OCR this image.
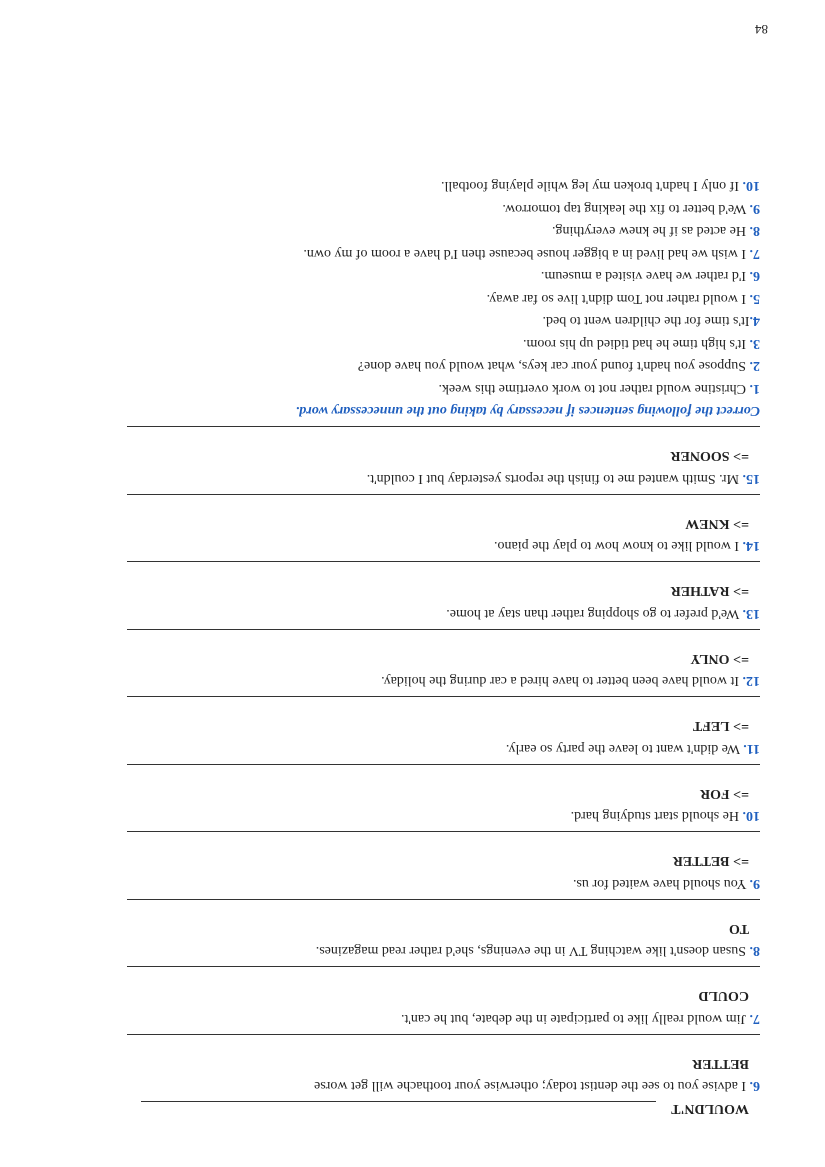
WOULDN'T
6. I advise you to see the dentist today; otherwise your toothache will get worse
BETTER
7. Jim would really like to participate in the debate, but he can't.
COULD
8. Susan doesn't like watching TV in the evenings, she'd rather read magazines.
TO
9. You should have waited for us.
=> BETTER
10. He should start studying hard.
=> FOR
11. We didn't want to leave the party so early.
=> LEFT
12. It would have been better to have hired a car during the holiday.
=> ONLY
13. We'd prefer to go shopping rather than stay at home.
=> RATHER
14. I would like to know how to play the piano.
=> KNEW
15. Mr. Smith wanted me to finish the reports yesterday but I couldn't.
=> SOONER
Correct the following sentences if necessary by taking out the unnecessary word.
1. Christine would rather not to work overtime this week.
2. Suppose you hadn't found your car keys, what would you have done?
3. It's high time he had tidied up his room.
4.It's time for the children went to bed.
5. I would rather not Tom didn't live so far away.
6. I'd rather we have visited a museum.
7. I wish we had lived in a bigger house because then I'd have a room of my own.
8. He acted as if he knew everything.
9. We'd better to fix the leaking tap tomorrow.
10. If only I hadn't broken my leg while playing football.
84
